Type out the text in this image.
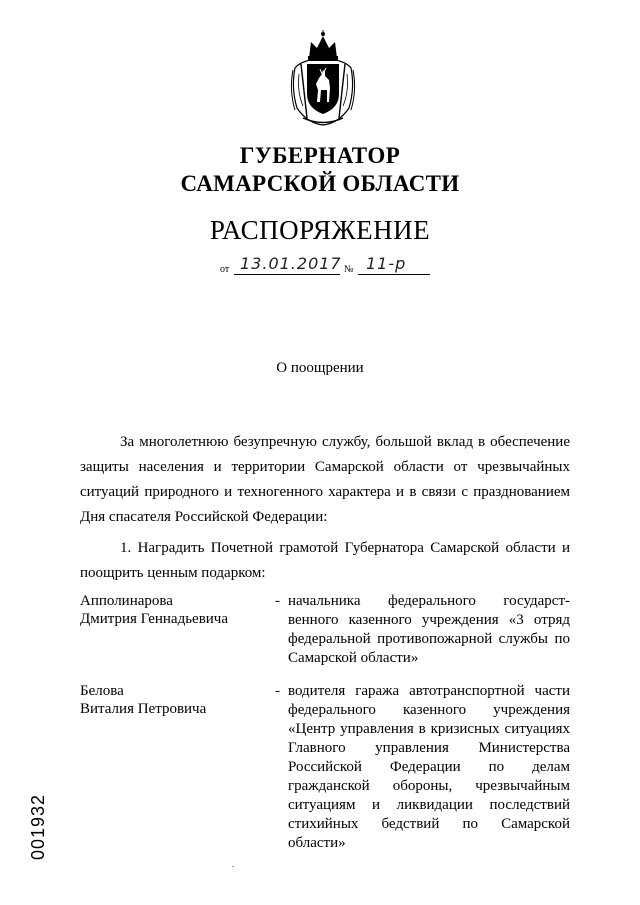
ГУБЕРНАТОР
САМАРСКОЙ ОБЛАСТИ
РАСПОРЯЖЕНИЕ
от 13.01.2017 № 11-р
О поощрении
За многолетнюю безупречную службу, большой вклад в обеспечение защиты населения и территории Самарской области от чрезвычайных ситуаций природного и техногенного характера и в связи с празднованием Дня спасателя Российской Федерации:
1. Наградить Почетной грамотой Губернатора Самарской области и поощрить ценным подарком:
Апполинарова
Дмитрия Геннадьевича
- начальника федерального государст-венного казенного учреждения «3 отряд федеральной противопожарной службы по Самарской области»
Белова
Виталия Петровича
- водителя гаража автотранспортной части федерального казенного учреждения «Центр управления в кризисных ситуациях Главного управления Министерства Российской Федерации по делам гражданской обороны, чрезвычайным ситуациям и ликвидации последствий стихийных бедствий по Самарской области»
001932
